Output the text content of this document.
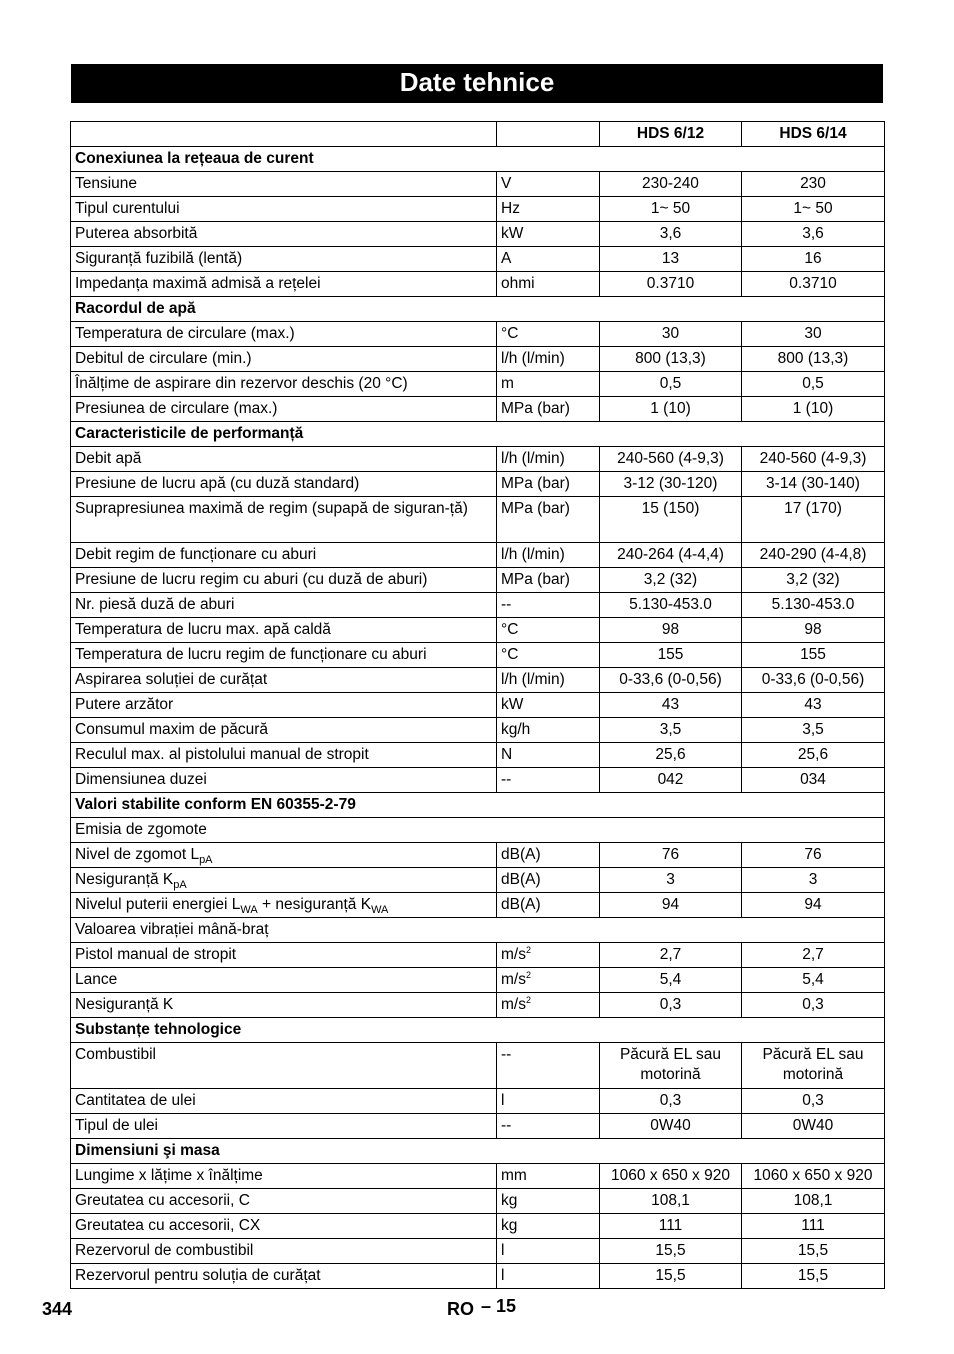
Date tehnice
		HDS 6/12	HDS 6/14
Conexiunea la rețeaua de curent			
Tensiune	V	230-240	230
Tipul curentului	Hz	1~ 50	1~ 50
Puterea absorbită	kW	3,6	3,6
Siguranță fuzibilă (lentă)	A	13	16
Impedanța maximă admisă a rețelei	ohmi	0.3710	0.3710
Racordul de apă			
Temperatura de circulare (max.)	°C	30	30
Debitul de circulare (min.)	l/h (l/min)	800 (13,3)	800 (13,3)
Înălțime de aspirare din rezervor deschis (20 °C)	m	0,5	0,5
Presiunea de circulare (max.)	MPa (bar)	1 (10)	1 (10)
Caracteristicile de performanță			
Debit apă	l/h (l/min)	240-560 (4-9,3)	240-560 (4-9,3)
Presiune de lucru apă (cu duză standard)	MPa (bar)	3-12 (30-120)	3-14 (30-140)
Suprapresiunea maximă de regim (supapă de siguran-ță)	MPa (bar)	15 (150)	17 (170)
Debit regim de funcționare cu aburi	l/h (l/min)	240-264 (4-4,4)	240-290 (4-4,8)
Presiune de lucru regim cu aburi (cu duză de aburi)	MPa (bar)	3,2 (32)	3,2 (32)
Nr. piesă duză de aburi	--	5.130-453.0	5.130-453.0
Temperatura de lucru max. apă caldă	°C	98	98
Temperatura de lucru regim de funcționare cu aburi	°C	155	155
Aspirarea soluției de curățat	l/h (l/min)	0-33,6 (0-0,56)	0-33,6 (0-0,56)
Putere arzător	kW	43	43
Consumul maxim de păcură	kg/h	3,5	3,5
Reculul max. al pistolului manual de stropit	N	25,6	25,6
Dimensiunea duzei	--	042	034
Valori stabilite conform EN 60355-2-79			
Emisia de zgomote			
Nivel de zgomot $L_{pA}$	dB(A)	76	76
Nesiguranță $K_{pA}$	dB(A)	3	3
Nivelul puterii energiei $L_{WA}$ + nesiguranță $K_{WA}$	dB(A)	94	94
Valoarea vibrației mână-braț			
Pistol manual de stropit	$m/s^2$	2,7	2,7
Lance	$m/s^2$	5,4	5,4
Nesiguranță K	$m/s^2$	0,3	0,3
Substanțe tehnologice			
Combustibil	--	Păcură EL sau motorină	Păcură EL sau motorină
Cantitatea de ulei	l	0,3	0,3
Tipul de ulei	--	0W40	0W40
Dimensiuni şi masa			
Lungime x lățime x înălțime	mm	1060 x 650 x 920	1060 x 650 x 920
Greutatea cu accesorii, C	kg	108,1	108,1
Greutatea cu accesorii, CX	kg	111	111
Rezervorul de combustibil	l	15,5	15,5
Rezervorul pentru soluția de curățat	l	15,5	15,5
344	RO – 15
